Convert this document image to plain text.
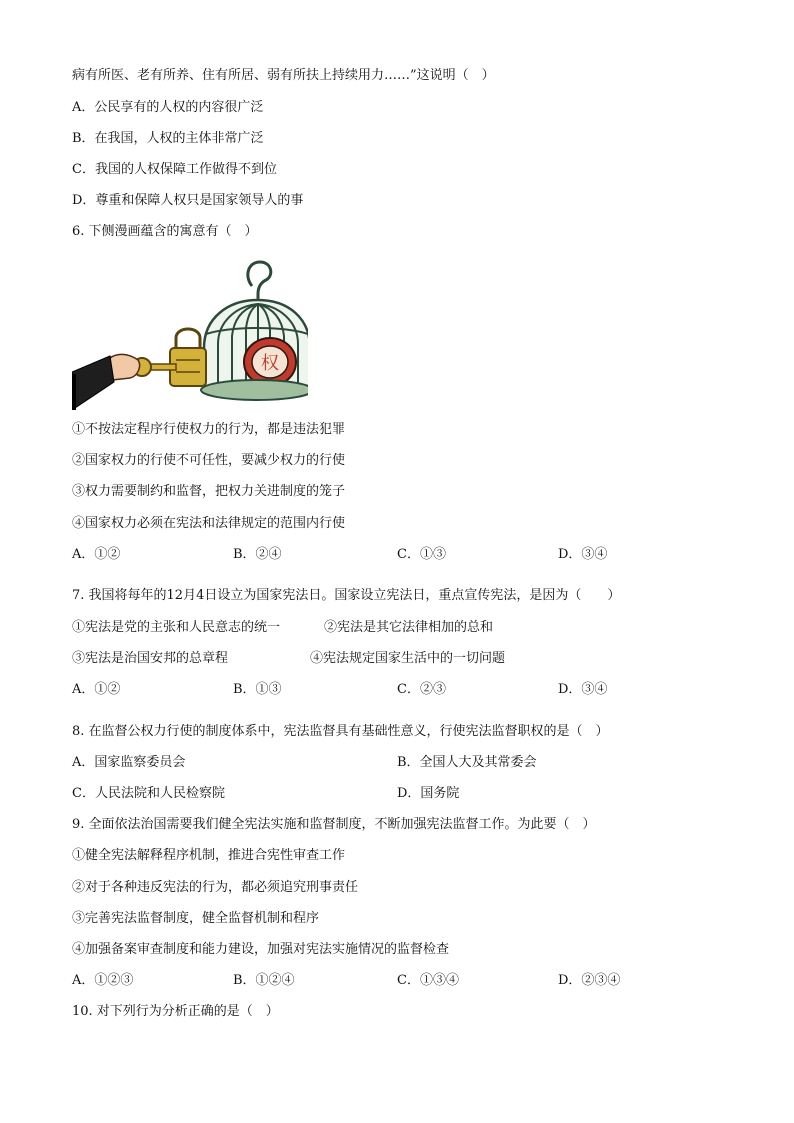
病有所医、老有所养、住有所居、弱有所扶上持续用力……”这说明（　）
A．公民享有的人权的内容很广泛
B．在我国，人权的主体非常广泛
C．我国的人权保障工作做得不到位
D．尊重和保障人权只是国家领导人的事
6. 下侧漫画蕴含的寓意有（　）
权
①不按法定程序行使权力的行为，都是违法犯罪
②国家权力的行使不可任性，要减少权力的行使
③权力需要制约和监督，把权力关进制度的笼子
④国家权力必须在宪法和法律规定的范围内行使
A．①②	B．②④	C．①③	D．③④
7. 我国将每年的12月4日设立为国家宪法日。国家设立宪法日，重点宣传宪法，是因为（　　）
①宪法是党的主张和人民意志的统一	②宪法是其它法律相加的总和
③宪法是治国安邦的总章程	④宪法规定国家生活中的一切问题
A．①②	B．①③	C．②③	D．③④
8. 在监督公权力行使的制度体系中，宪法监督具有基础性意义，行使宪法监督职权的是（　）
A．国家监察委员会	B．全国人大及其常委会
C．人民法院和人民检察院	D．国务院
9. 全面依法治国需要我们健全宪法实施和监督制度，不断加强宪法监督工作。为此要（　）
①健全宪法解释程序机制，推进合宪性审查工作
②对于各种违反宪法的行为，都必须追究刑事责任
③完善宪法监督制度，健全监督机制和程序
④加强备案审查制度和能力建设，加强对宪法实施情况的监督检查
A．①②③	B．①②④	C．①③④	D．②③④
10. 对下列行为分析正确的是（　）
